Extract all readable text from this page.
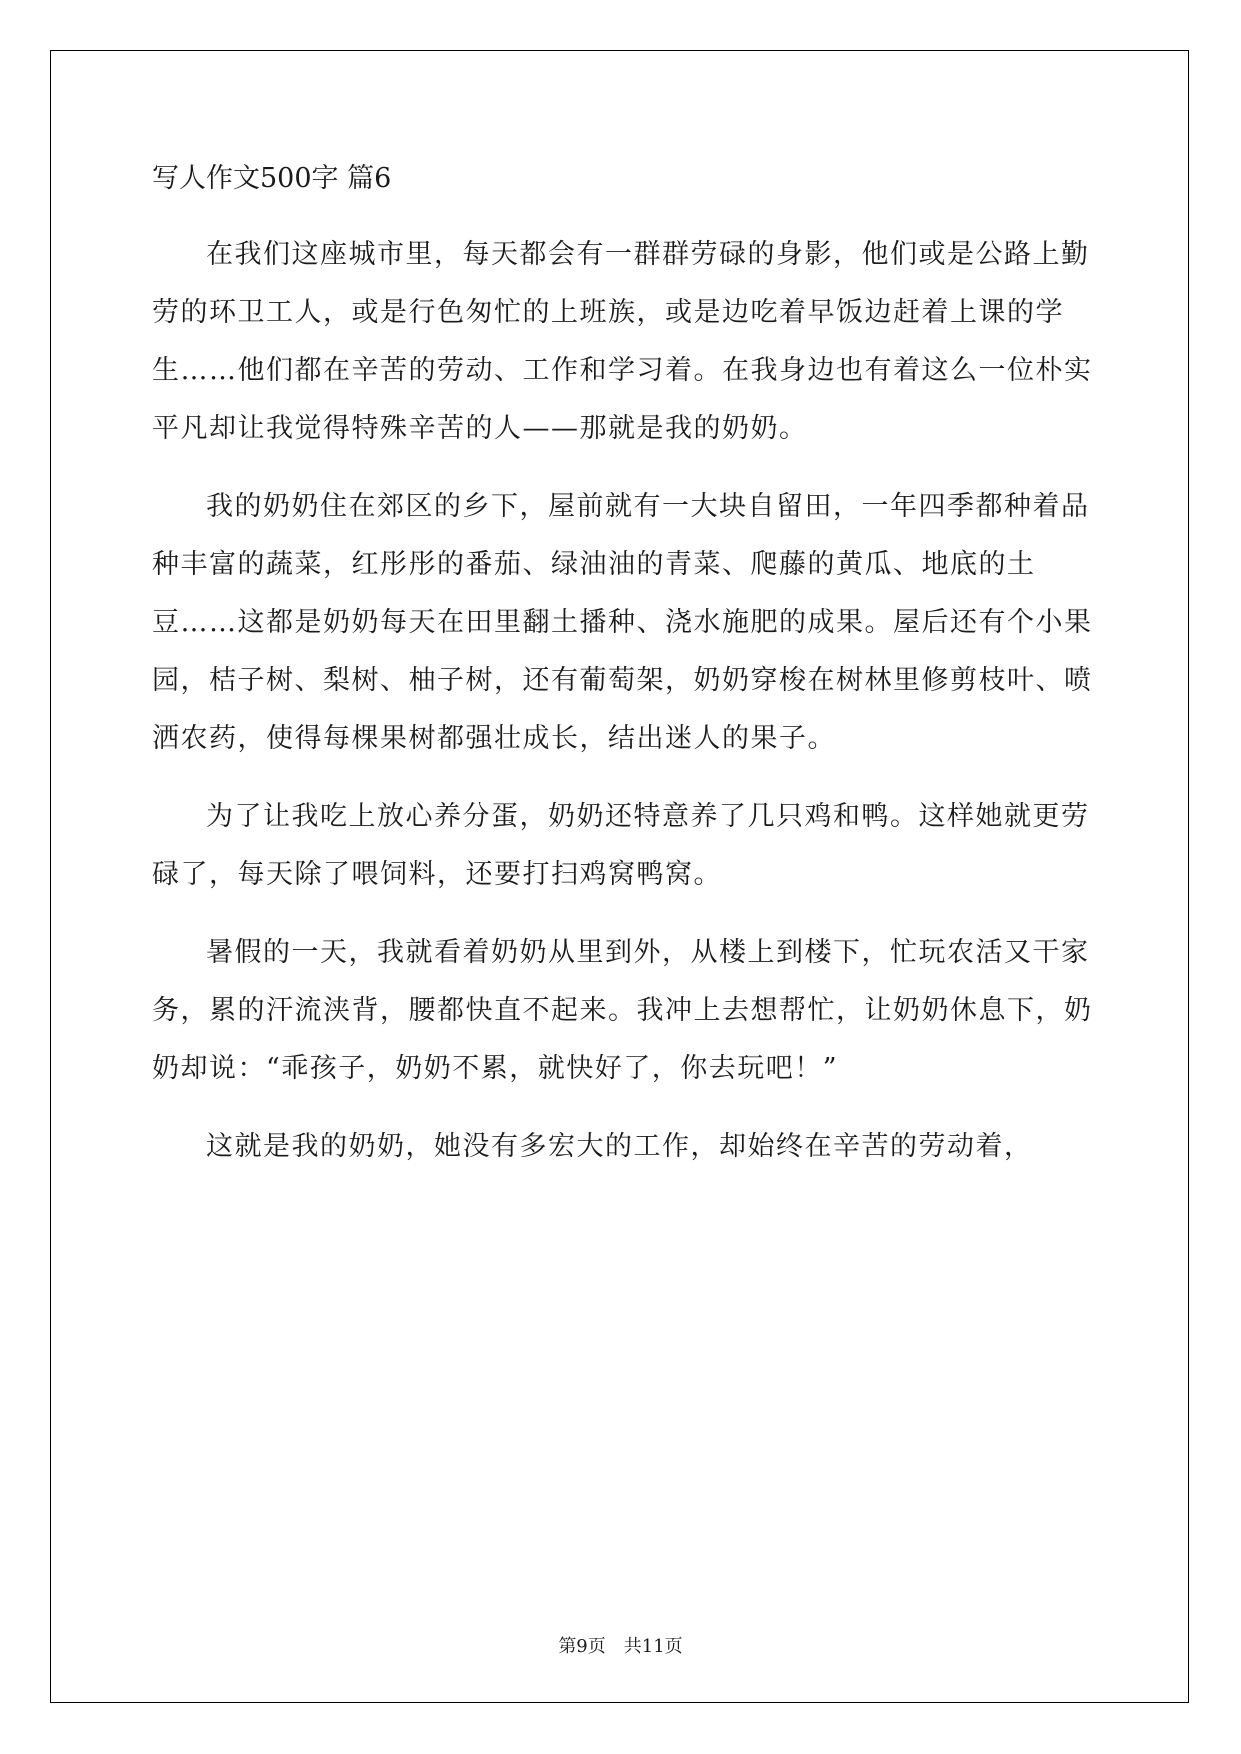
写人作文500字 篇6

在我们这座城市里，每天都会有一群群劳碌的身影，他们或是公路上勤劳的环卫工人，或是行色匆忙的上班族，或是边吃着早饭边赶着上课的学生……他们都在辛苦的劳动、工作和学习着。在我身边也有着这么一位朴实平凡却让我觉得特殊辛苦的人——那就是我的奶奶。

我的奶奶住在郊区的乡下，屋前就有一大块自留田，一年四季都种着品种丰富的蔬菜，红彤彤的番茄、绿油油的青菜、爬藤的黄瓜、地底的土豆……这都是奶奶每天在田里翻土播种、浇水施肥的成果。屋后还有个小果园，桔子树、梨树、柚子树，还有葡萄架，奶奶穿梭在树林里修剪枝叶、喷洒农药，使得每棵果树都强壮成长，结出迷人的果子。

为了让我吃上放心养分蛋，奶奶还特意养了几只鸡和鸭。这样她就更劳碌了，每天除了喂饲料，还要打扫鸡窝鸭窝。

暑假的一天，我就看着奶奶从里到外，从楼上到楼下，忙玩农活又干家务，累的汗流浃背，腰都快直不起来。我冲上去想帮忙，让奶奶休息下，奶奶却说：“乖孩子，奶奶不累，就快好了，你去玩吧！”

这就是我的奶奶，她没有多宏大的工作，却始终在辛苦的劳动着，

第9页　共11页
